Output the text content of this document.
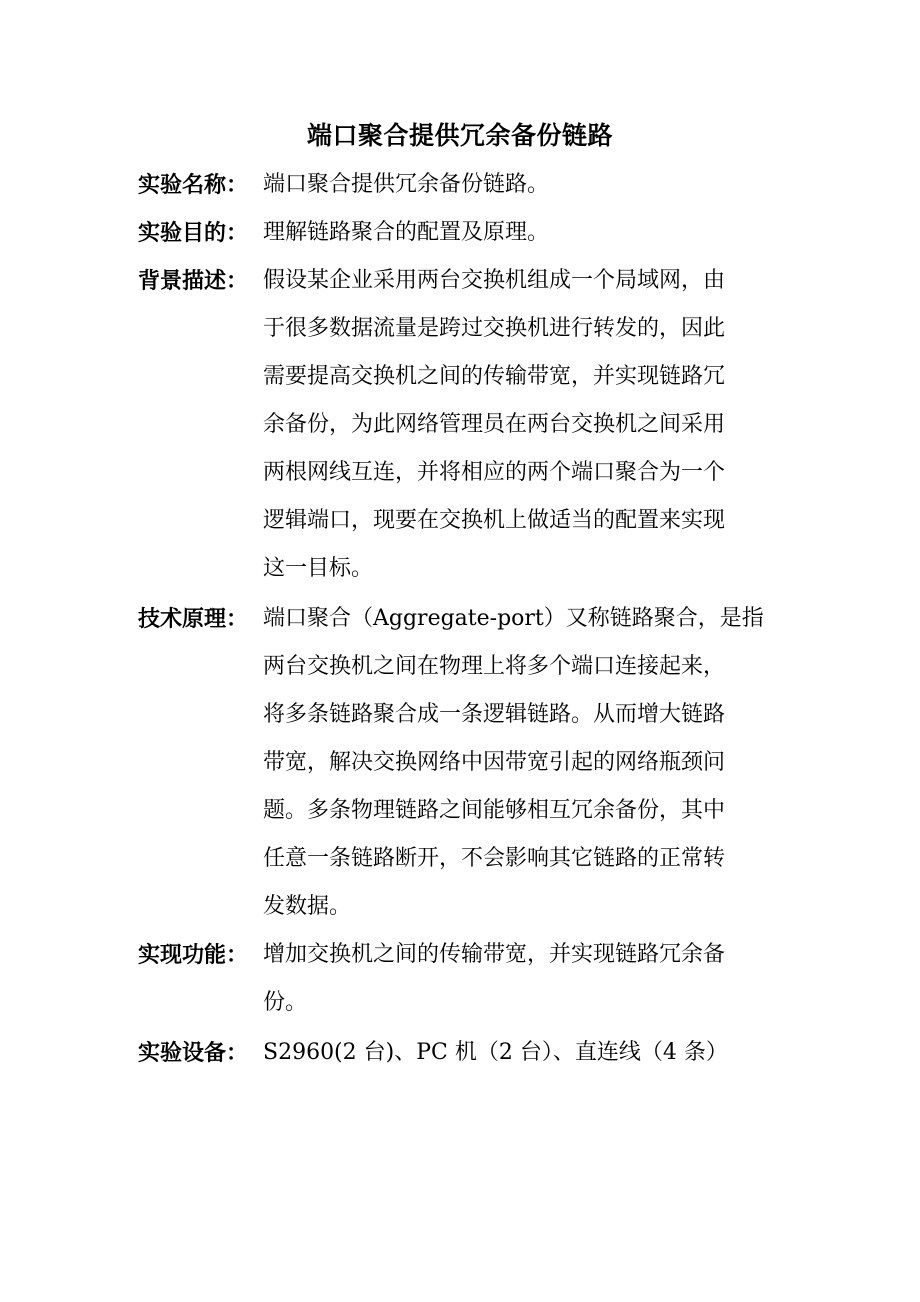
端口聚合提供冗余备份链路
实验名称： 端口聚合提供冗余备份链路。
实验目的： 理解链路聚合的配置及原理。
背景描述： 假设某企业采用两台交换机组成一个局域网，由
于很多数据流量是跨过交换机进行转发的，因此
需要提高交换机之间的传输带宽，并实现链路冗
余备份，为此网络管理员在两台交换机之间采用
两根网线互连，并将相应的两个端口聚合为一个
逻辑端口，现要在交换机上做适当的配置来实现
这一目标。
技术原理： 端口聚合（Aggregate-port）又称链路聚合，是指
两台交换机之间在物理上将多个端口连接起来，
将多条链路聚合成一条逻辑链路。从而增大链路
带宽，解决交换网络中因带宽引起的网络瓶颈问
题。多条物理链路之间能够相互冗余备份，其中
任意一条链路断开，不会影响其它链路的正常转
发数据。
实现功能： 增加交换机之间的传输带宽，并实现链路冗余备
份。
实验设备： S2960(2 台)、PC 机（2 台）、直连线（4 条）
